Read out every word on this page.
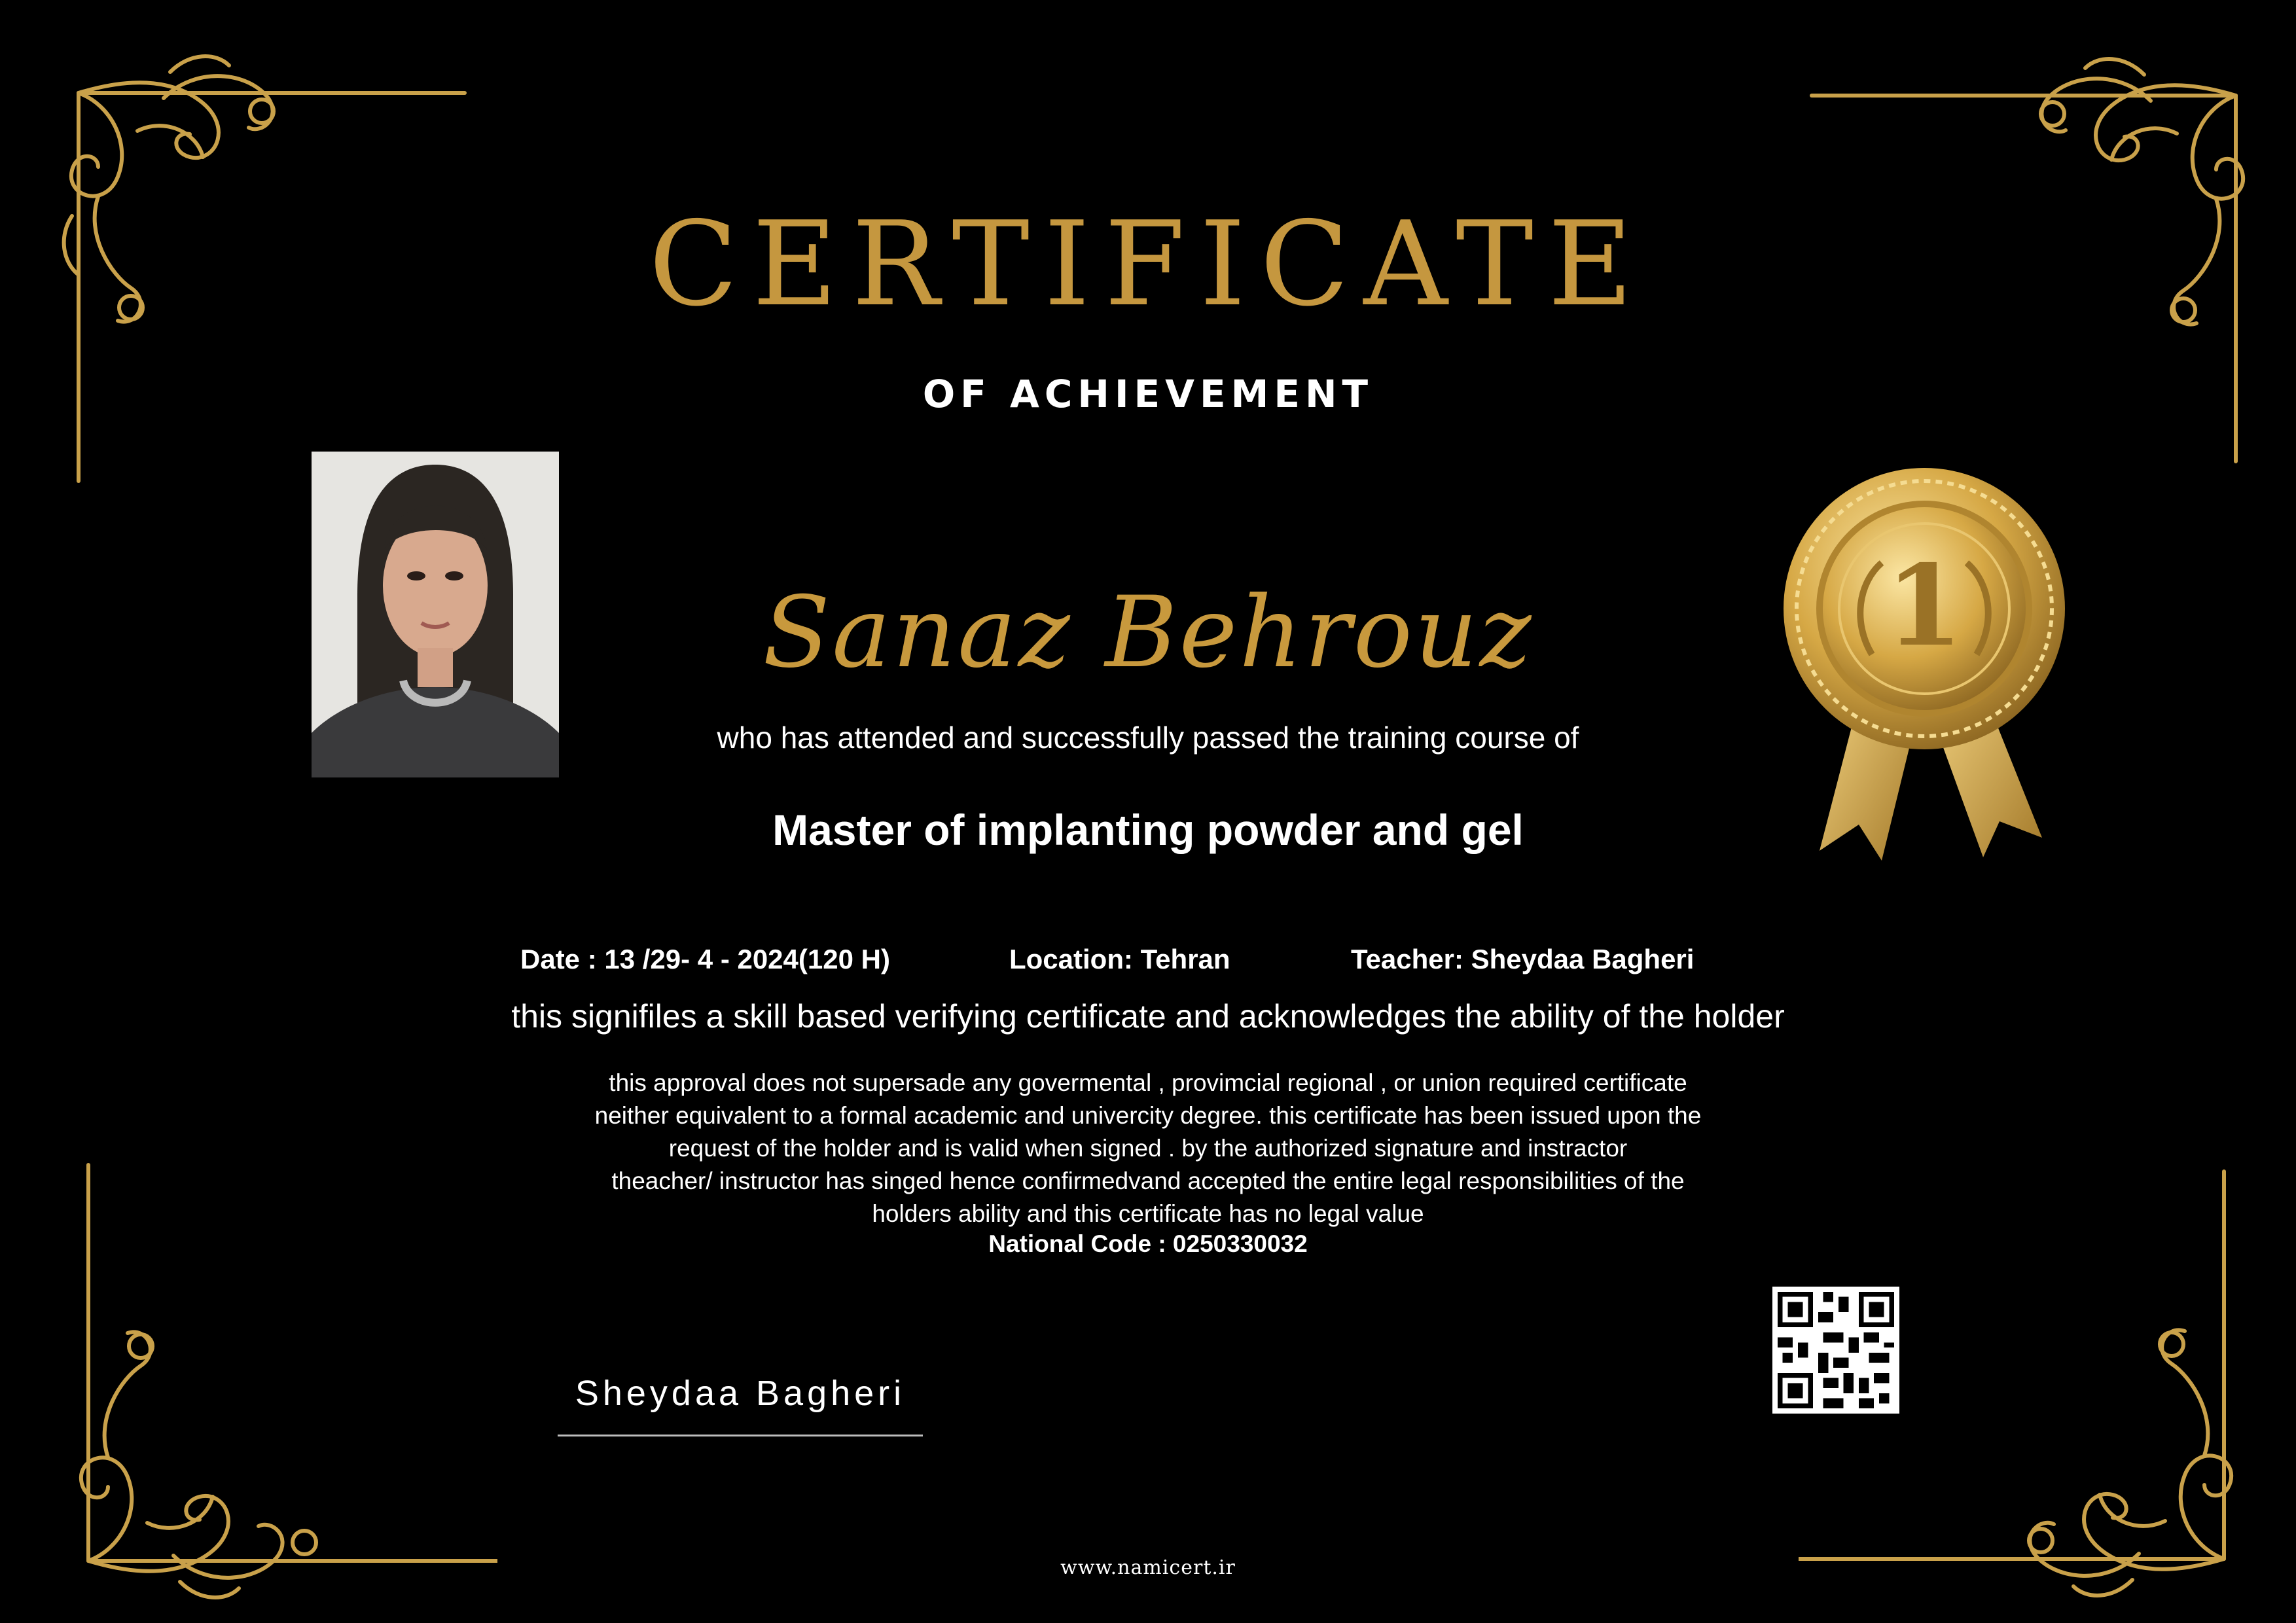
CERTIFICATE
OF ACHIEVEMENT
1
Sanaz Behrouz
who has attended and successfully passed the training course of
Master of implanting powder and gel
Date : 13 /29- 4 - 2024(120 H)	Location: Tehran	Teacher: Sheydaa Bagheri
this signifiles a skill based verifying certificate and acknowledges the ability of the holder
this approval does not supersade any govermental , provimcial regional , or union required certificate
neither equivalent to a formal academic and univercity degree. this certificate has been issued upon the
request of the holder and is valid when signed . by the authorized signature and instractor
theacher/ instructor has singed hence confirmedvand accepted the entire legal responsibilities of the
holders ability and this certificate has no legal value
National Code : 0250330032
Sheydaa Bagheri
www.namicert.ir
